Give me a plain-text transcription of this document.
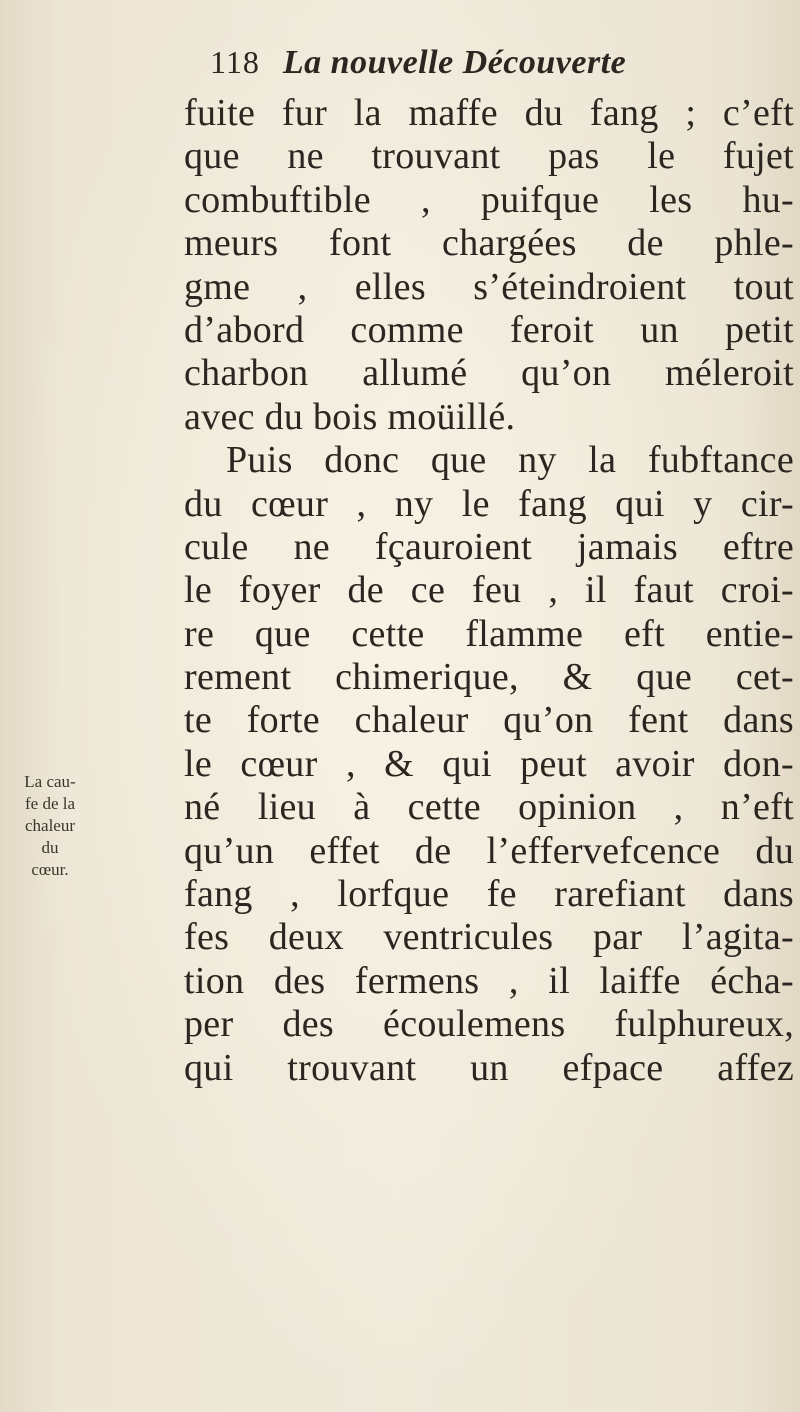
118 La nouvelle Découverte
fuite fur la maffe du fang ; c’eft
que ne trouvant pas le fujet
combuftible , puifque les hu-
meurs font chargées de phle-
gme , elles s’éteindroient tout
d’abord comme feroit un petit
charbon allumé qu’on méleroit
avec du bois moüillé.
Puis donc que ny la fubftance
du cœur , ny le fang qui y cir-
cule ne fçauroient jamais eftre
le foyer de ce feu , il faut croi-
re que cette flamme eft entie-
rement chimerique, & que cet-
te forte chaleur qu’on fent dans
le cœur , & qui peut avoir don-
né lieu à cette opinion , n’eft
qu’un effet de l’effervefcence du
fang , lorfque fe rarefiant dans
fes deux ventricules par l’agita-
tion des fermens , il laiffe écha-
per des écoulemens fulphureux,
qui trouvant un efpace affez
La cau-
fe de la
chaleur
du
cœur.
